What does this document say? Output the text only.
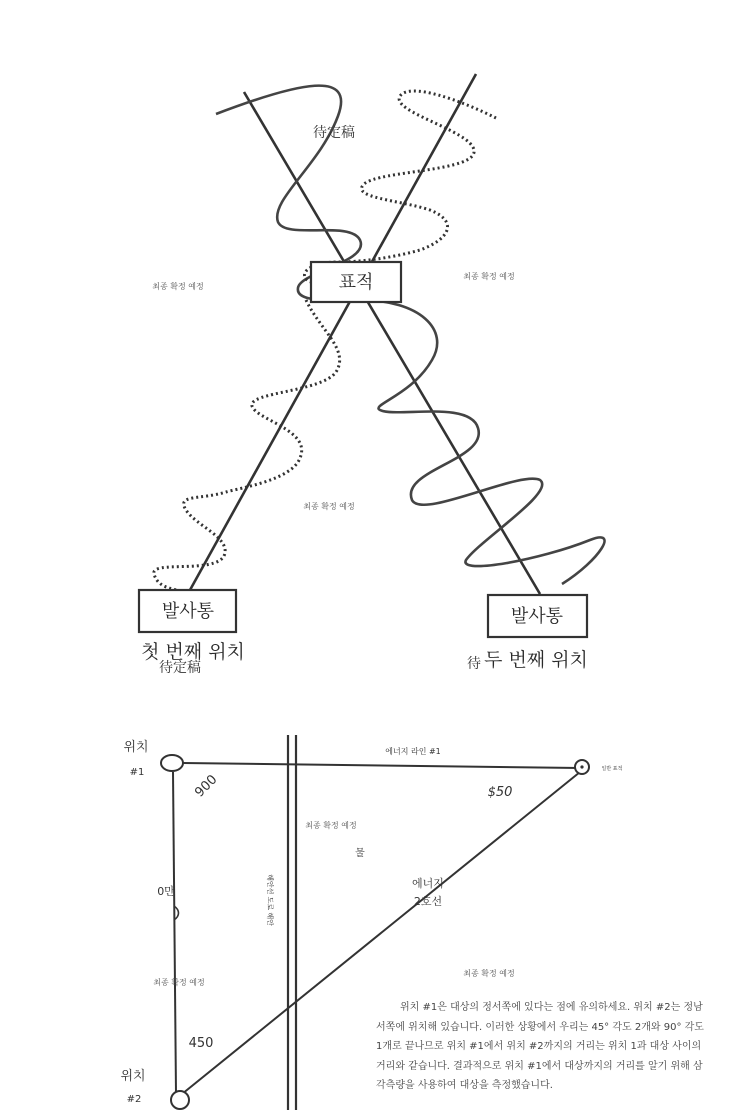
표적
발사통
첫 번째 위치
발사통
두 번째 위치
待定稿
待定稿	待
최종 확정 예정
최종 확정 예정
최종 확정 예정
위치
#1
위치
#2
에너지 라인 #1
일반 표적
900	$50
최종 확정 예정
물
에너지
2호선
해안선 도로 해안
0만
최종 확정 예정
최종 확정 예정
450
위치 #1은 대상의 정서쪽에 있다는 점에 유의하세요. 위치 #2는 정남서쪽에 위치해 있습니다. 이러한 상황에서 우리는 45° 각도 2개와 90° 각도 1개로 끝나므로 위치 #1에서 위치 #2까지의 거리는 위치 1과 대상 사이의 거리와 같습니다. 결과적으로 위치 #1에서 대상까지의 거리를 알기 위해 삼각측량을 사용하여 대상을 측정했습니다.
